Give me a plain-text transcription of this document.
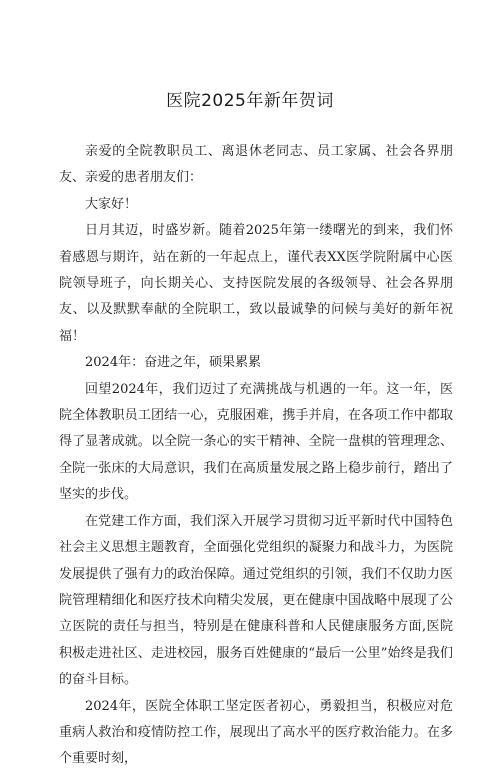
医院2025年新年贺词

亲爱的全院教职员工、离退休老同志、员工家属、社会各界朋友、亲爱的患者朋友们：

大家好！

日月其迈，时盛岁新。随着2025年第一缕曙光的到来，我们怀着感恩与期许，站在新的一年起点上，谨代表XX医学院附属中心医院领导班子，向长期关心、支持医院发展的各级领导、社会各界朋友、以及默默奉献的全院职工，致以最诚挚的问候与美好的新年祝福！

2024年：奋进之年，硕果累累

回望2024年，我们迈过了充满挑战与机遇的一年。这一年，医院全体教职员工团结一心，克服困难，携手并肩，在各项工作中都取得了显著成就。以全院一条心的实干精神、全院一盘棋的管理理念、全院一张床的大局意识，我们在高质量发展之路上稳步前行，踏出了坚实的步伐。

在党建工作方面，我们深入开展学习贯彻习近平新时代中国特色社会主义思想主题教育，全面强化党组织的凝聚力和战斗力，为医院发展提供了强有力的政治保障。通过党组织的引领，我们不仅助力医院管理精细化和医疗技术向精尖发展，更在健康中国战略中展现了公立医院的责任与担当，特别是在健康科普和人民健康服务方面,医院积极走进社区、走进校园，服务百姓健康的“最后一公里”始终是我们的奋斗目标。

2024年，医院全体职工坚定医者初心，勇毅担当，积极应对危重病人救治和疫情防控工作，展现出了高水平的医疗救治能力。在多个重要时刻，
